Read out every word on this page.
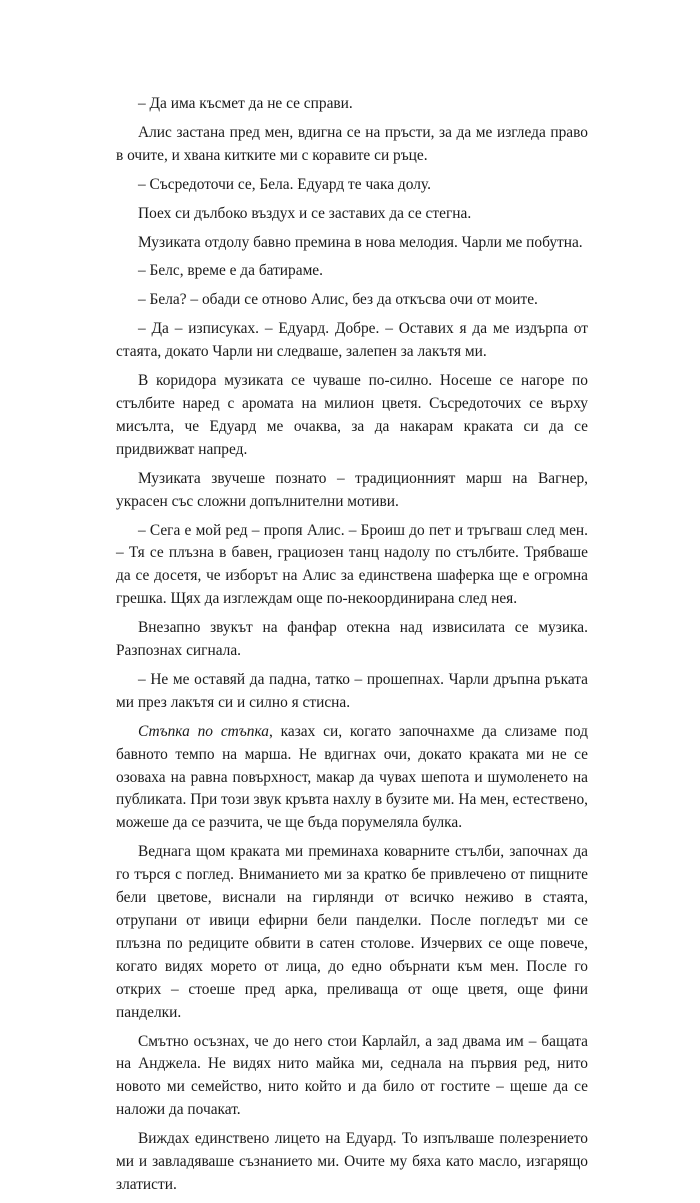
– Да има късмет да не се справи.

Алис застана пред мен, вдигна се на пръсти, за да ме изгледа право в очите, и хвана китките ми с коравите си ръце.

– Съсредоточи се, Бела. Едуард те чака долу.

Поех си дълбоко въздух и се заставих да се стегна.

Музиката отдолу бавно премина в нова мелодия. Чарли ме побутна.

– Белс, време е да батираме.

– Бела? – обади се отново Алис, без да откъсва очи от моите.

– Да – изписуках. – Едуард. Добре. – Оставих я да ме издърпа от стаята, докато Чарли ни следваше, залепен за лакътя ми.

В коридора музиката се чуваше по-силно. Носеше се нагоре по стълбите наред с аромата на милион цветя. Съсредоточих се върху мисълта, че Едуард ме очаква, за да накарам краката си да се придвижват напред.

Музиката звучеше познато – традиционният марш на Вагнер, украсен със сложни допълнителни мотиви.

– Сега е мой ред – пропя Алис. – Броиш до пет и тръгваш след мен. – Тя се плъзна в бавен, грациозен танц надолу по стълбите. Трябваше да се досетя, че изборът на Алис за единствена шаферка ще е огромна грешка. Щях да изглеждам още по-некоординирана след нея.

Внезапно звукът на фанфар отекна над извисилата се музика. Разпознах сигнала.

– Не ме оставяй да падна, татко – прошепнах. Чарли дръпна ръката ми през лакътя си и силно я стисна.

Стъпка по стъпка, казах си, когато започнахме да слизаме под бавното темпо на марша. Не вдигнах очи, докато краката ми не се озоваха на равна повърхност, макар да чувах шепота и шумоленето на публиката. При този звук кръвта нахлу в бузите ми. На мен, естествено, можеше да се разчита, че ще бъда порумеляла булка.

Веднага щом краката ми преминаха коварните стълби, започнах да го търся с поглед. Вниманието ми за кратко бе привлечено от пищните бели цветове, виснали на гирлянди от всичко неживо в стаята, отрупани от ивици ефирни бели панделки. После погледът ми се плъзна по редиците обвити в сатен столове. Изчервих се още повече, когато видях морето от лица, до едно обърнати към мен. После го открих – стоеше пред арка, преливаща от още цветя, още фини панделки.

Смътно осъзнах, че до него стои Карлайл, а зад двама им – бащата на Анджела. Не видях нито майка ми, седнала на първия ред, нито новото ми семейство, нито който и да било от гостите – щеше да се наложи да почакат.

Виждах единствено лицето на Едуард. То изпълваше полезрението ми и завладяваше съзнанието ми. Очите му бяха като масло, изгарящо златисти.
